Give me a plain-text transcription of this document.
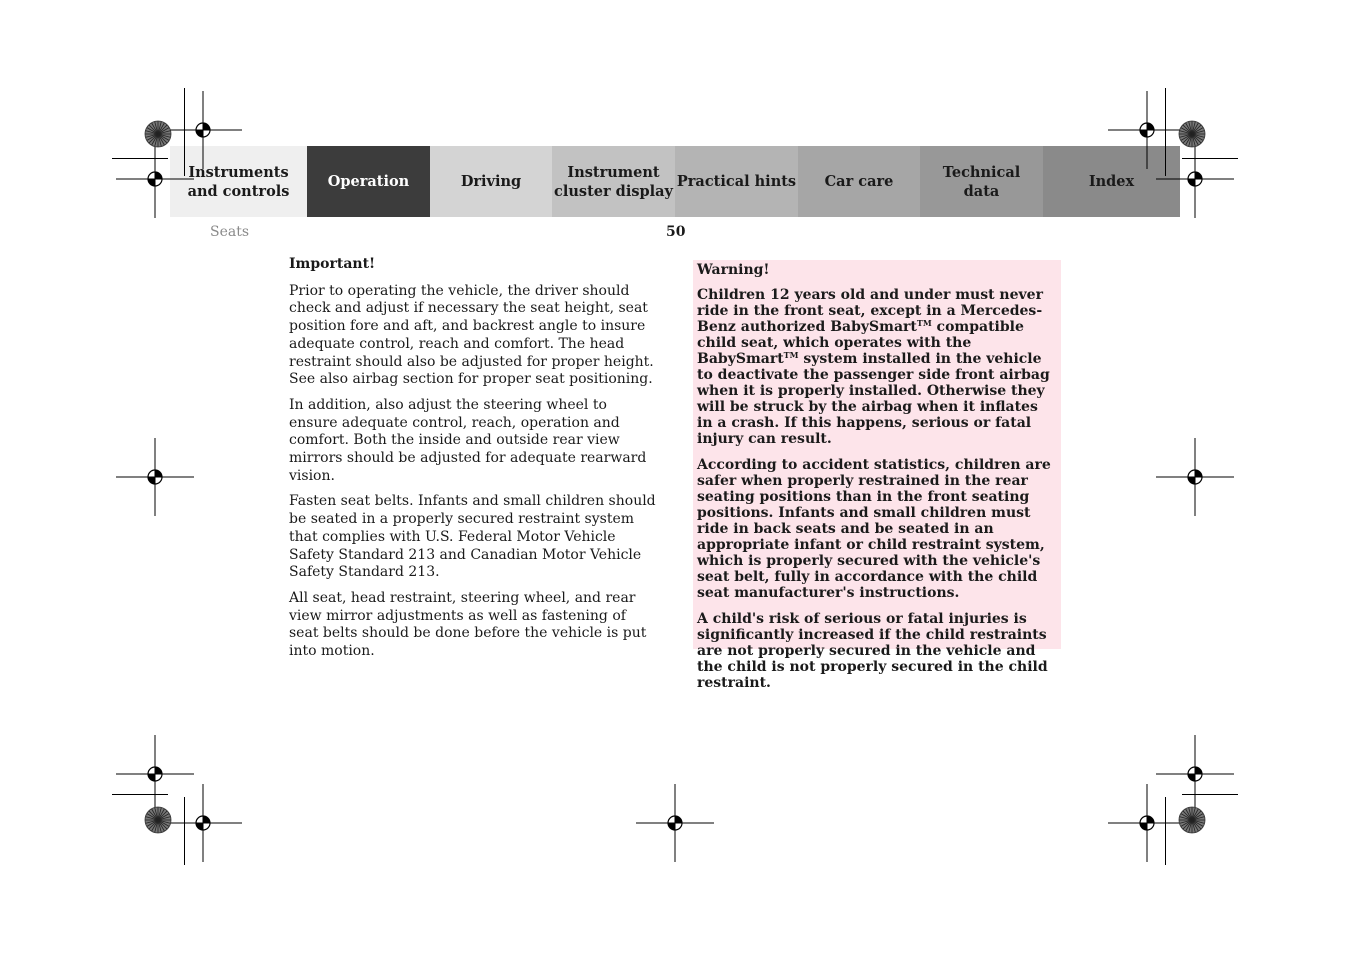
Instruments
and controls
Operation	Driving
Instrument
cluster display
Practical hints	Car care
Technical
data
Index
Seats	50
Important!

Prior to operating the vehicle, the driver should check and adjust if necessary the seat height, seat position fore and aft, and backrest angle to insure adequate control, reach and comfort. The head restraint should also be adjusted for proper height. See also airbag section for proper seat positioning.

In addition, also adjust the steering wheel to ensure adequate control, reach, operation and comfort. Both the inside and outside rear view mirrors should be adjusted for adequate rearward vision.

Fasten seat belts. Infants and small children should be seated in a properly secured restraint system that complies with U.S. Federal Motor Vehicle Safety Standard 213 and Canadian Motor Vehicle Safety Standard 213.

All seat, head restraint, steering wheel, and rear view mirror adjustments as well as fastening of seat belts should be done before the vehicle is put into motion.

Warning!

Children 12 years old and under must never ride in the front seat, except in a Mercedes-Benz authorized BabySmart™ compatible child seat, which operates with the BabySmart™ system installed in the vehicle to deactivate the passenger side front airbag when it is properly installed. Otherwise they will be struck by the airbag when it inflates in a crash. If this happens, serious or fatal injury can result.

According to accident statistics, children are safer when properly restrained in the rear seating positions than in the front seating positions. Infants and small children must ride in back seats and be seated in an appropriate infant or child restraint system, which is properly secured with the vehicle's seat belt, fully in accordance with the child seat manufacturer's instructions.

A child's risk of serious or fatal injuries is significantly increased if the child restraints are not properly secured in the vehicle and the child is not properly secured in the child restraint.
